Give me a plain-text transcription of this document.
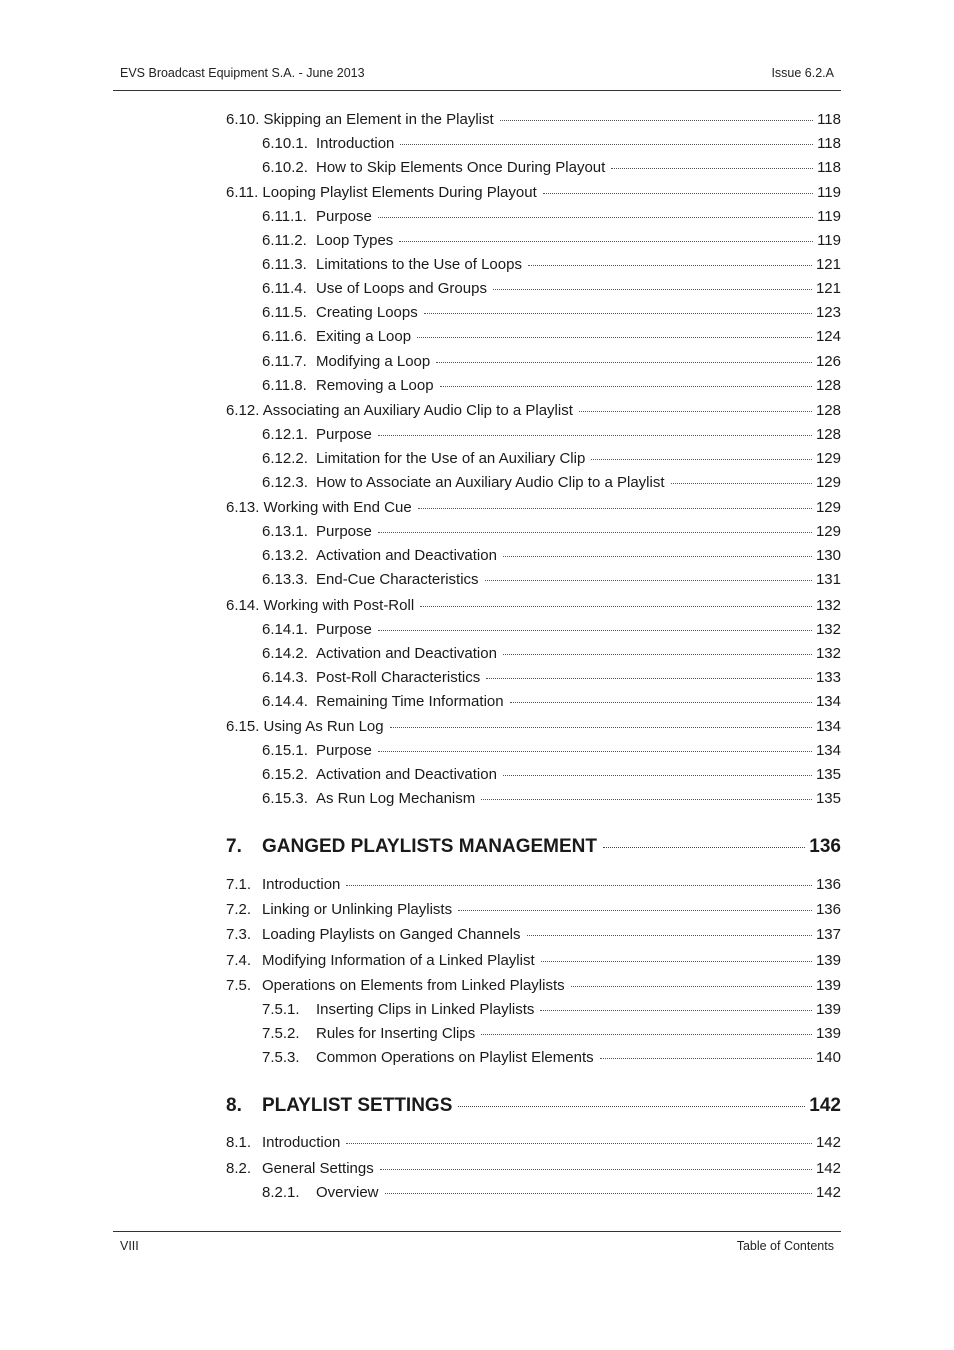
EVS Broadcast Equipment S.A. - June 2013	Issue 6.2.A
6.10. Skipping an Element in the Playlist	118
6.10.1. Introduction	118
6.10.2. How to Skip Elements Once During Playout	118
6.11. Looping Playlist Elements During Playout	119
6.11.1. Purpose	119
6.11.2. Loop Types	119
6.11.3. Limitations to the Use of Loops	121
6.11.4. Use of Loops and Groups	121
6.11.5. Creating Loops	123
6.11.6. Exiting a Loop	124
6.11.7. Modifying a Loop	126
6.11.8. Removing a Loop	128
6.12. Associating an Auxiliary Audio Clip to a Playlist	128
6.12.1. Purpose	128
6.12.2. Limitation for the Use of an Auxiliary Clip	129
6.12.3. How to Associate an Auxiliary Audio Clip to a Playlist	129
6.13. Working with End Cue	129
6.13.1. Purpose	129
6.13.2. Activation and Deactivation	130
6.13.3. End-Cue Characteristics	131
6.14. Working with Post-Roll	132
6.14.1. Purpose	132
6.14.2. Activation and Deactivation	132
6.14.3. Post-Roll Characteristics	133
6.14.4. Remaining Time Information	134
6.15. Using As Run Log	134
6.15.1. Purpose	134
6.15.2. Activation and Deactivation	135
6.15.3. As Run Log Mechanism	135
7.	GANGED PLAYLISTS MANAGEMENT	136
7.1. Introduction	136
7.2. Linking or Unlinking Playlists	136
7.3. Loading Playlists on Ganged Channels	137
7.4. Modifying Information of a Linked Playlist	139
7.5. Operations on Elements from Linked Playlists	139
7.5.1.	Inserting Clips in Linked Playlists	139
7.5.2.	Rules for Inserting Clips	139
7.5.3.	Common Operations on Playlist Elements	140
8.	PLAYLIST SETTINGS	142
8.1. Introduction	142
8.2. General Settings	142
8.2.1.	Overview	142
VIII	Table of Contents
